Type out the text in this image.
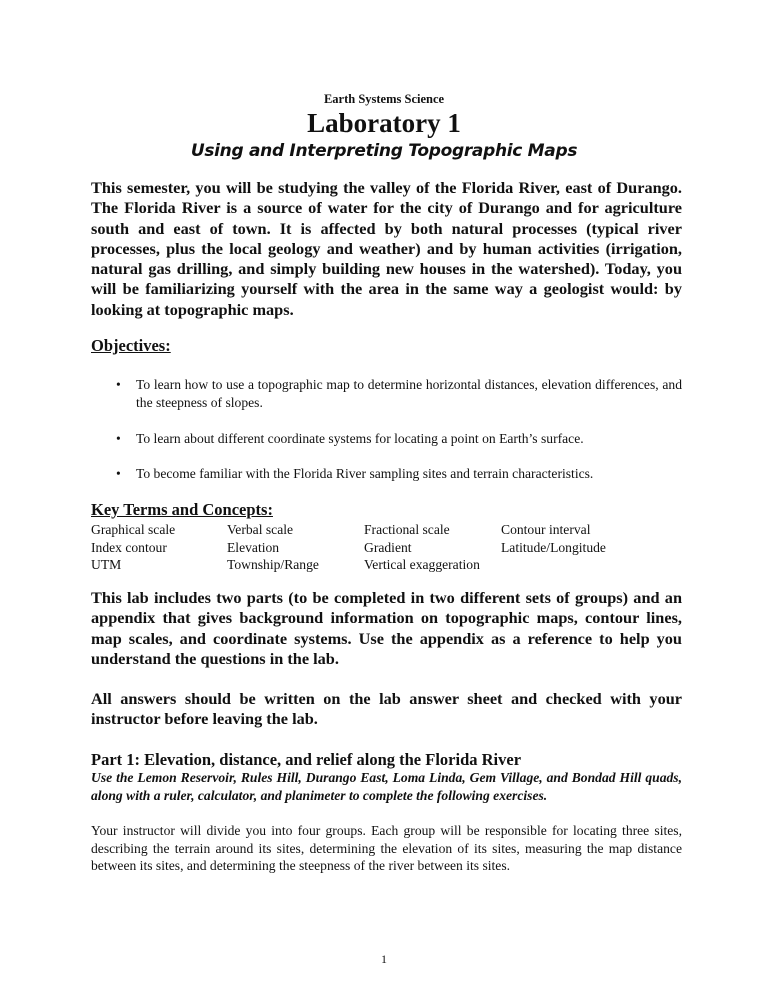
Earth Systems Science
Laboratory 1
Using and Interpreting Topographic Maps
This semester, you will be studying the valley of the Florida River, east of Durango. The Florida River is a source of water for the city of Durango and for agriculture south and east of town. It is affected by both natural processes (typical river processes, plus the local geology and weather) and by human activities (irrigation, natural gas drilling, and simply building new houses in the watershed). Today, you will be familiarizing yourself with the area in the same way a geologist would: by looking at topographic maps.
Objectives:
• To learn how to use a topographic map to determine horizontal distances, elevation differences, and the steepness of slopes.
• To learn about different coordinate systems for locating a point on Earth’s surface.
• To become familiar with the Florida River sampling sites and terrain characteristics.
Key Terms and Concepts:
Graphical scale	Verbal scale	Fractional scale	Contour interval
Index contour	Elevation	Gradient	Latitude/Longitude
UTM	Township/Range	Vertical exaggeration
This lab includes two parts (to be completed in two different sets of groups) and an appendix that gives background information on topographic maps, contour lines, map scales, and coordinate systems. Use the appendix as a reference to help you understand the questions in the lab.
All answers should be written on the lab answer sheet and checked with your instructor before leaving the lab.
Part 1: Elevation, distance, and relief along the Florida River
Use the Lemon Reservoir, Rules Hill, Durango East, Loma Linda, Gem Village, and Bondad Hill quads, along with a ruler, calculator, and planimeter to complete the following exercises.
Your instructor will divide you into four groups. Each group will be responsible for locating three sites, describing the terrain around its sites, determining the elevation of its sites, measuring the map distance between its sites, and determining the steepness of the river between its sites.
1
